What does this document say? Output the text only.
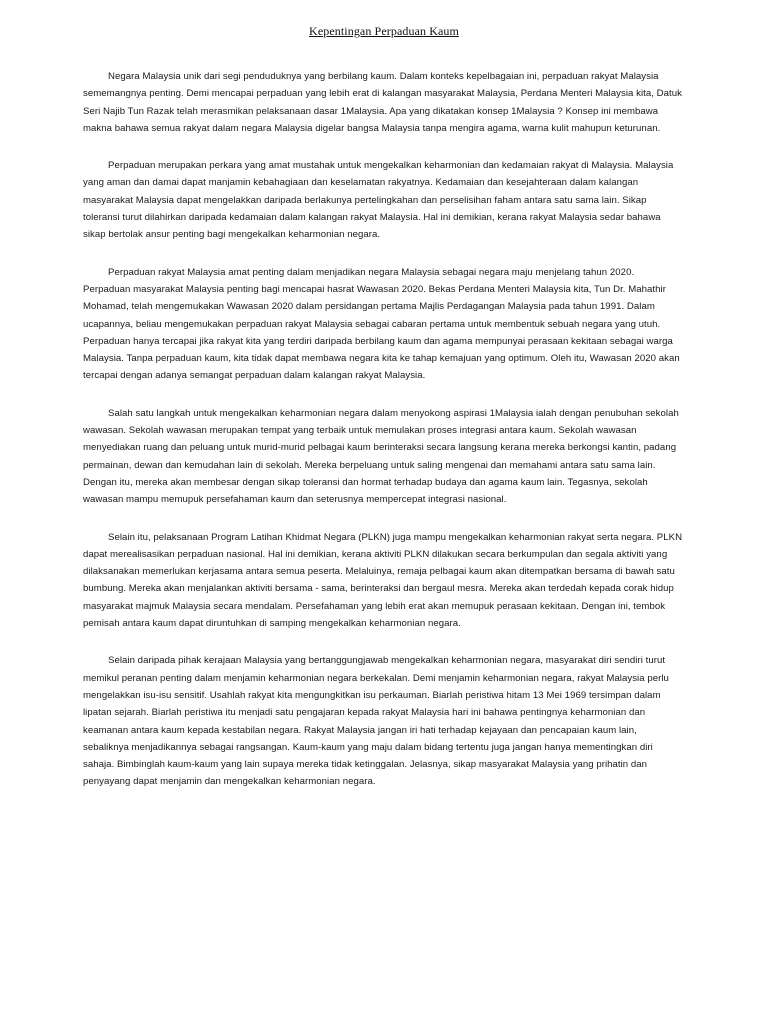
Kepentingan Perpaduan Kaum

Negara Malaysia unik dari segi penduduknya yang berbilang kaum. Dalam konteks kepelbagaian ini, perpaduan rakyat Malaysia sememangnya penting. Demi mencapai perpaduan yang lebih erat di kalangan masyarakat Malaysia, Perdana Menteri Malaysia kita, Datuk Seri Najib Tun Razak telah merasmikan pelaksanaan dasar 1Malaysia. Apa yang dikatakan konsep 1Malaysia ? Konsep ini membawa makna bahawa semua rakyat dalam negara Malaysia digelar bangsa Malaysia tanpa mengira agama, warna kulit mahupun keturunan.

Perpaduan merupakan perkara yang amat mustahak untuk mengekalkan keharmonian dan kedamaian rakyat di Malaysia. Malaysia yang aman dan damai dapat manjamin kebahagiaan dan keselamatan rakyatnya. Kedamaian dan kesejahteraan dalam kalangan masyarakat Malaysia dapat mengelakkan daripada berlakunya pertelingkahan dan perselisihan faham antara satu sama lain. Sikap toleransi turut dilahirkan daripada kedamaian dalam kalangan rakyat Malaysia. Hal ini demikian, kerana rakyat Malaysia sedar bahawa sikap bertolak ansur penting bagi mengekalkan keharmonian negara.

Perpaduan rakyat Malaysia amat penting dalam menjadikan negara Malaysia sebagai negara maju menjelang tahun 2020. Perpaduan masyarakat Malaysia penting bagi mencapai hasrat Wawasan 2020. Bekas Perdana Menteri Malaysia kita, Tun Dr. Mahathir Mohamad, telah mengemukakan Wawasan 2020 dalam persidangan pertama Majlis Perdagangan Malaysia pada tahun 1991. Dalam ucapannya, beliau mengemukakan perpaduan rakyat Malaysia sebagai cabaran pertama untuk membentuk sebuah negara yang utuh. Perpaduan hanya tercapai jika rakyat kita yang terdiri daripada berbilang kaum dan agama mempunyai perasaan kekitaan sebagai warga Malaysia. Tanpa perpaduan kaum, kita tidak dapat membawa negara kita ke tahap kemajuan yang optimum. Oleh itu, Wawasan 2020 akan tercapai dengan adanya semangat perpaduan dalam kalangan rakyat Malaysia.

Salah satu langkah untuk mengekalkan keharmonian negara dalam menyokong aspirasi 1Malaysia ialah dengan penubuhan sekolah wawasan. Sekolah wawasan merupakan tempat yang terbaik untuk memulakan proses integrasi antara kaum. Sekolah wawasan menyediakan ruang dan peluang untuk murid-murid pelbagai kaum berinteraksi secara langsung kerana mereka berkongsi kantin, padang permainan, dewan dan kemudahan lain di sekolah. Mereka berpeluang untuk saling mengenai dan memahami antara satu sama lain. Dengan itu, mereka akan membesar dengan sikap toleransi dan hormat terhadap budaya dan agama kaum lain. Tegasnya, sekolah wawasan mampu memupuk persefahaman kaum dan seterusnya mempercepat integrasi nasional.

Selain itu, pelaksanaan Program Latihan Khidmat Negara (PLKN) juga mampu mengekalkan keharmonian rakyat serta negara. PLKN dapat merealisasikan perpaduan nasional. Hal ini demikian, kerana aktiviti PLKN dilakukan secara berkumpulan dan segala aktiviti yang dilaksanakan memerlukan kerjasama antara semua peserta. Melaluinya, remaja pelbagai kaum akan ditempatkan bersama di bawah satu bumbung. Mereka akan menjalankan aktiviti bersama - sama, berinteraksi dan bergaul mesra. Mereka akan terdedah kepada corak hidup masyarakat majmuk Malaysia secara mendalam. Persefahaman yang lebih erat akan memupuk perasaan kekitaan. Dengan ini, tembok pemisah antara kaum dapat diruntuhkan di samping mengekalkan keharmonian negara.

Selain daripada pihak kerajaan Malaysia yang bertanggungjawab mengekalkan keharmonian negara, masyarakat diri sendiri turut memikul peranan penting dalam menjamin keharmonian negara berkekalan. Demi menjamin keharmonian negara, rakyat Malaysia perlu mengelakkan isu-isu sensitif. Usahlah rakyat kita mengungkitkan isu perkauman. Biarlah peristiwa hitam 13 Mei 1969 tersimpan dalam lipatan sejarah. Biarlah peristiwa itu menjadi satu pengajaran kepada rakyat Malaysia hari ini bahawa pentingnya keharmonian dan keamanan antara kaum kepada kestabilan negara. Rakyat Malaysia jangan iri hati terhadap kejayaan dan pencapaian kaum lain, sebaliknya menjadikannya sebagai rangsangan. Kaum-kaum yang maju dalam bidang tertentu juga jangan hanya mementingkan diri sahaja. Bimbinglah kaum-kaum yang lain supaya mereka tidak ketinggalan. Jelasnya, sikap masyarakat Malaysia yang prihatin dan penyayang dapat menjamin dan mengekalkan keharmonian negara.
